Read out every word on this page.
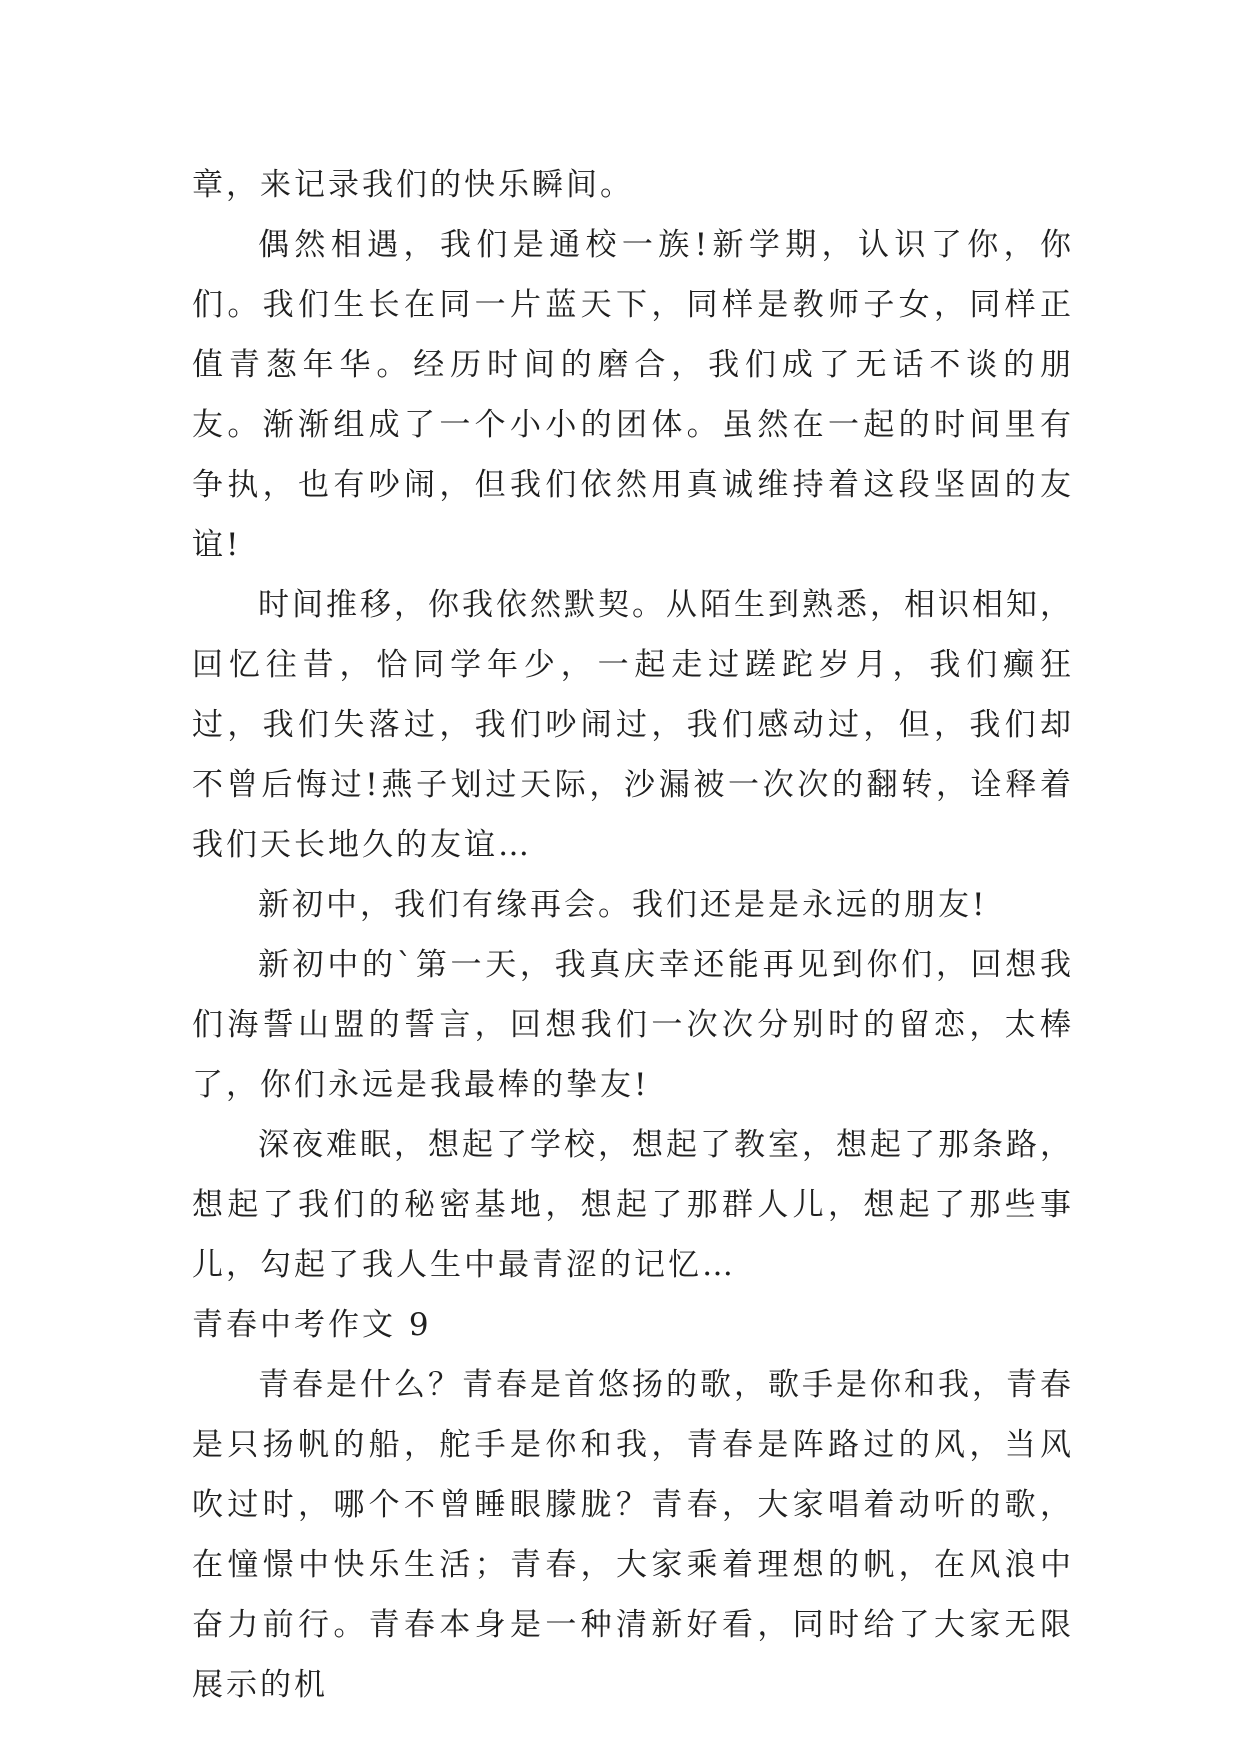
章，来记录我们的快乐瞬间。

偶然相遇，我们是通校一族!新学期，认识了你，你们。我们生长在同一片蓝天下，同样是教师子女，同样正值青葱年华。经历时间的磨合，我们成了无话不谈的朋友。渐渐组成了一个小小的团体。虽然在一起的时间里有争执，也有吵闹，但我们依然用真诚维持着这段坚固的友谊!

时间推移，你我依然默契。从陌生到熟悉，相识相知，回忆往昔，恰同学年少，一起走过蹉跎岁月，我们癫狂过，我们失落过，我们吵闹过，我们感动过，但，我们却不曾后悔过!燕子划过天际，沙漏被一次次的翻转，诠释着我们天长地久的友谊…

新初中，我们有缘再会。我们还是是永远的朋友!

新初中的`第一天，我真庆幸还能再见到你们，回想我们海誓山盟的誓言，回想我们一次次分别时的留恋，太棒了，你们永远是我最棒的挚友!

深夜难眠，想起了学校，想起了教室，想起了那条路，想起了我们的秘密基地，想起了那群人儿，想起了那些事儿，勾起了我人生中最青涩的记忆…

青春中考作文 9

青春是什么？青春是首悠扬的歌，歌手是你和我，青春是只扬帆的船，舵手是你和我，青春是阵路过的风，当风吹过时，哪个不曾睡眼朦胧？青春，大家唱着动听的歌，在憧憬中快乐生活；青春，大家乘着理想的帆，在风浪中奋力前行。青春本身是一种清新好看，同时给了大家无限展示的机
